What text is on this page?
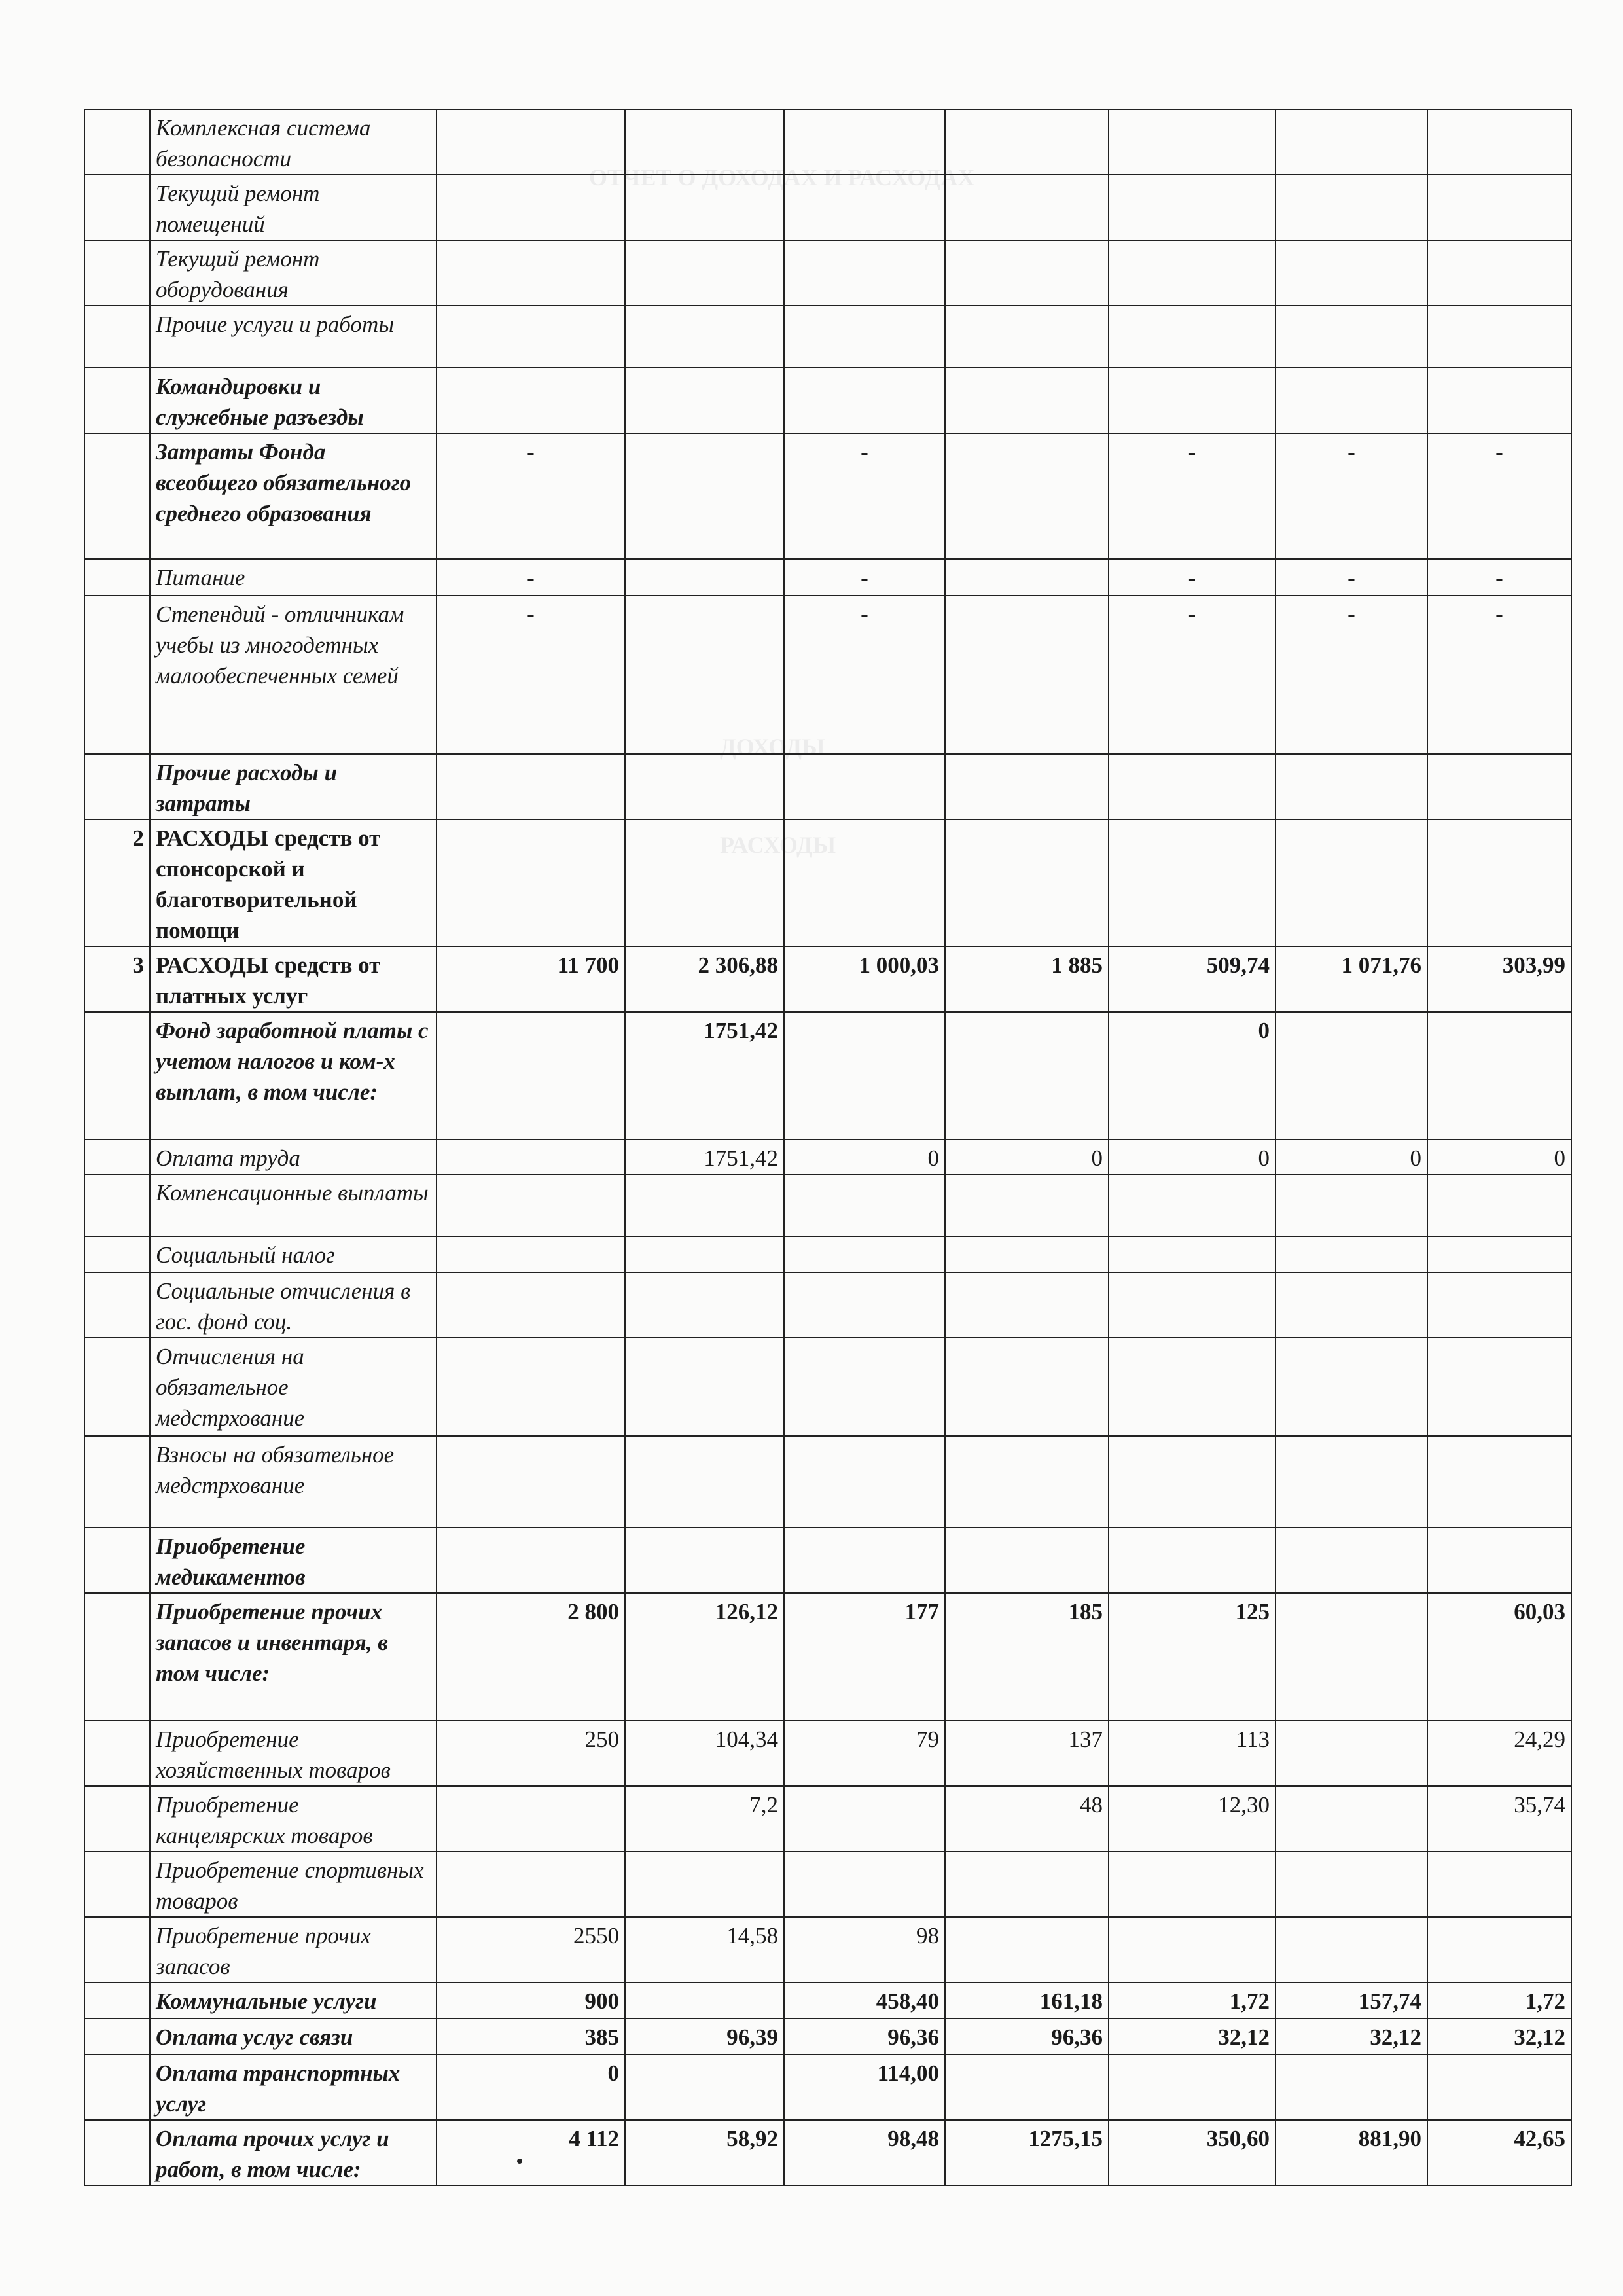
ОТЧЕТ О ДОХОДАХ И РАСХОДАХ
ДОХОДЫ
РАСХОДЫ
	Комплексная система безопасности							
	Текущий ремонт помещений							
	Текущий ремонт оборудования							
	Прочие услуги и работы							
	Командировки и служебные разъезды							
	Затраты Фонда всеобщего обязательного среднего образования	-		-		-	-	-
	Питание	-		-		-	-	-
	Степендий - отличникам учебы из многодетных малообеспеченных семей	-		-		-	-	-
	Прочие расходы и затраты							
2	РАСХОДЫ средств от спонсорской и благотворительной помощи							
3	РАСХОДЫ средств от платных услуг	11 700	2 306,88	1 000,03	1 885	509,74	1 071,76	303,99
	Фонд заработной платы с учетом налогов и ком-х выплат, в том числе:		1751,42			0		
	Оплата труда		1751,42	0	0	0	0	0
	Компенсационные выплаты							
	Социальный налог							
	Социальные отчисления в гос. фонд соц.							
	Отчисления на обязательное медстрхование							
	Взносы на обязательное медстрхование							
	Приобретение медикаментов							
	Приобретение прочих запасов и инвентаря, в том числе:	2 800	126,12	177	185	125		60,03
	Приобретение хозяйственных товаров	250	104,34	79	137	113		24,29
	Приобретение канцелярских товаров		7,2		48	12,30		35,74
	Приобретение спортивных товаров							
	Приобретение прочих запасов	2550	14,58	98				
	Коммунальные услуги	900		458,40	161,18	1,72	157,74	1,72
	Оплата услуг связи	385	96,39	96,36	96,36	32,12	32,12	32,12
	Оплата транспортных услуг	0		114,00				
	Оплата прочих услуг и работ, в том числе:	4 112	58,92	98,48	1275,15	350,60	881,90	42,65
